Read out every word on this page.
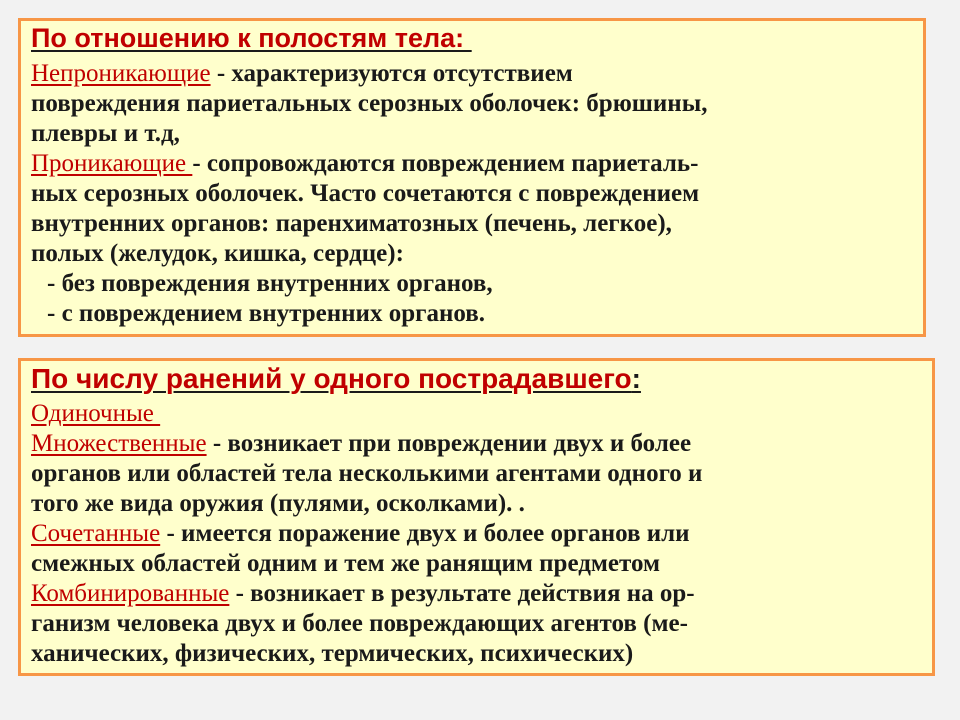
По отношению к полостям тела:

Непроникающие - характеризуются отсутствием

повреждения париетальных серозных оболочек: брюшины,

плевры и т.д,

Проникающие - сопровождаются повреждением париеталь-

ных серозных оболочек. Часто сочетаются с повреждением

внутренних органов: паренхиматозных (печень, легкое),

полых (желудок, кишка, сердце):

- без повреждения внутренних органов,

- с повреждением внутренних органов.

По числу ранений у одного пострадавшего:

Одиночные

Множественные - возникает при повреждении двух и более

органов или областей тела несколькими агентами одного и

того же вида оружия (пулями, осколками). .

Сочетанные - имеется поражение двух и более органов или

смежных областей одним и тем же ранящим предметом

Комбинированные - возникает в результате действия на ор-

ганизм человека двух и более повреждающих агентов (ме-

ханических, физических, термических, психических)
